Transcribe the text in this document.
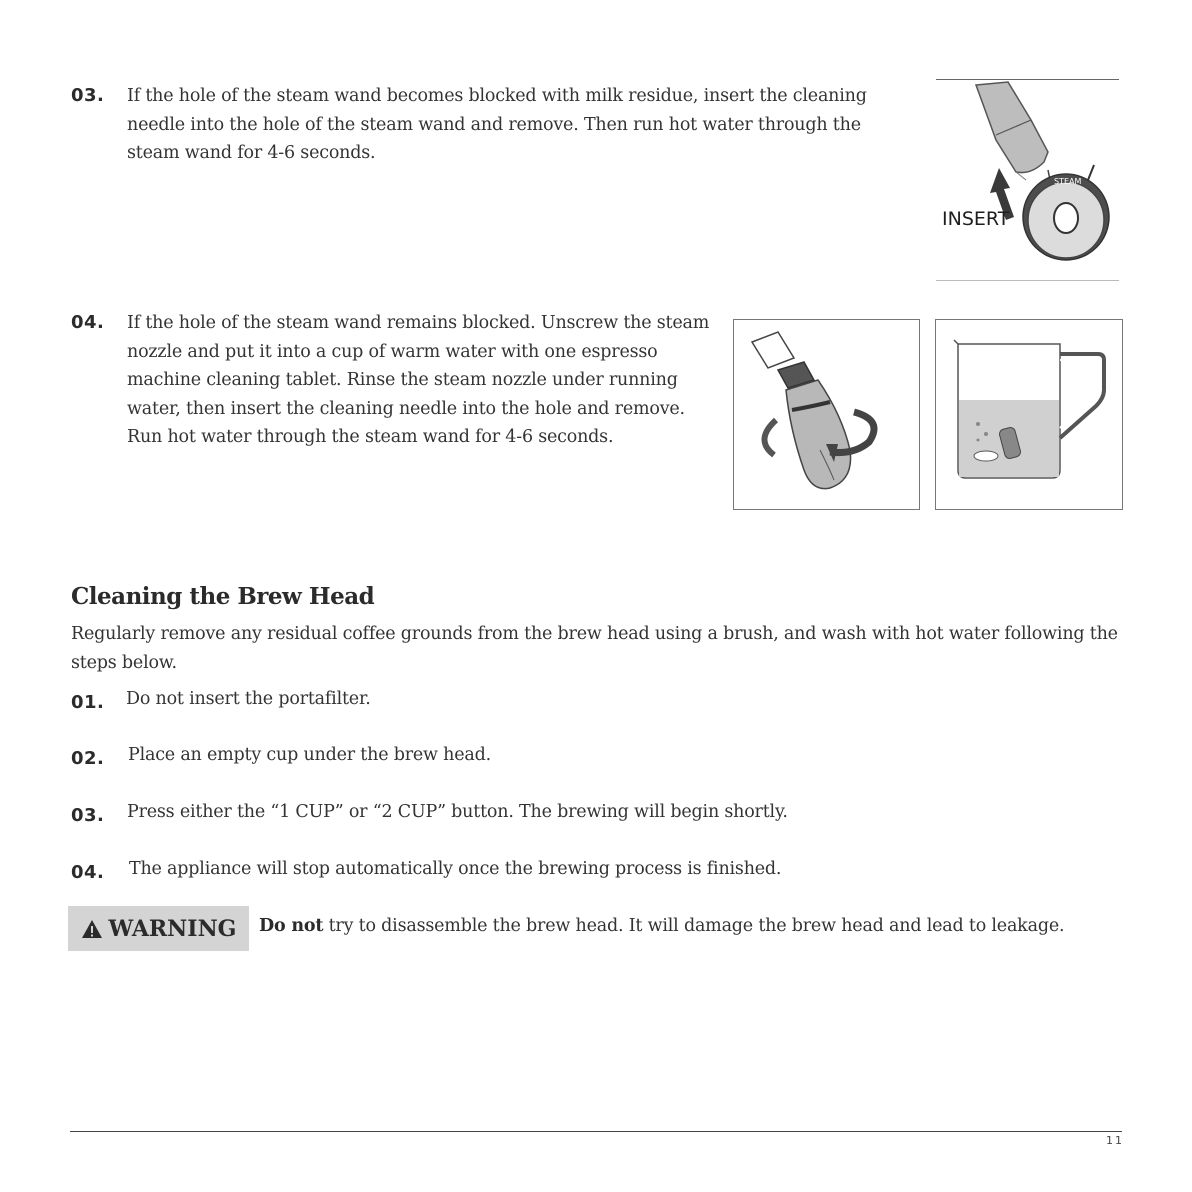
03. If the hole of the steam wand becomes blocked with milk residue, insert the cleaning
needle into the hole of the steam wand and remove. Then run hot water through the
steam wand for 4-6 seconds.
STEAM
INSERT
04. If the hole of the steam wand remains blocked. Unscrew the steam
nozzle and put it into a cup of warm water with one espresso
machine cleaning tablet. Rinse the steam nozzle under running
water, then insert the cleaning needle into the hole and remove.
Run hot water through the steam wand for 4-6 seconds.
Cleaning the Brew Head
Regularly remove any residual coffee grounds from the brew head using a brush, and wash with hot water following the
steps below.
01. Do not insert the portafilter.
02. Place an empty cup under the brew head.
03. Press either the “1 CUP” or “2 CUP” button. The brewing will begin shortly.
04. The appliance will stop automatically once the brewing process is finished.
WARNING Do not try to disassemble the brew head. It will damage the brew head and lead to leakage.
11
